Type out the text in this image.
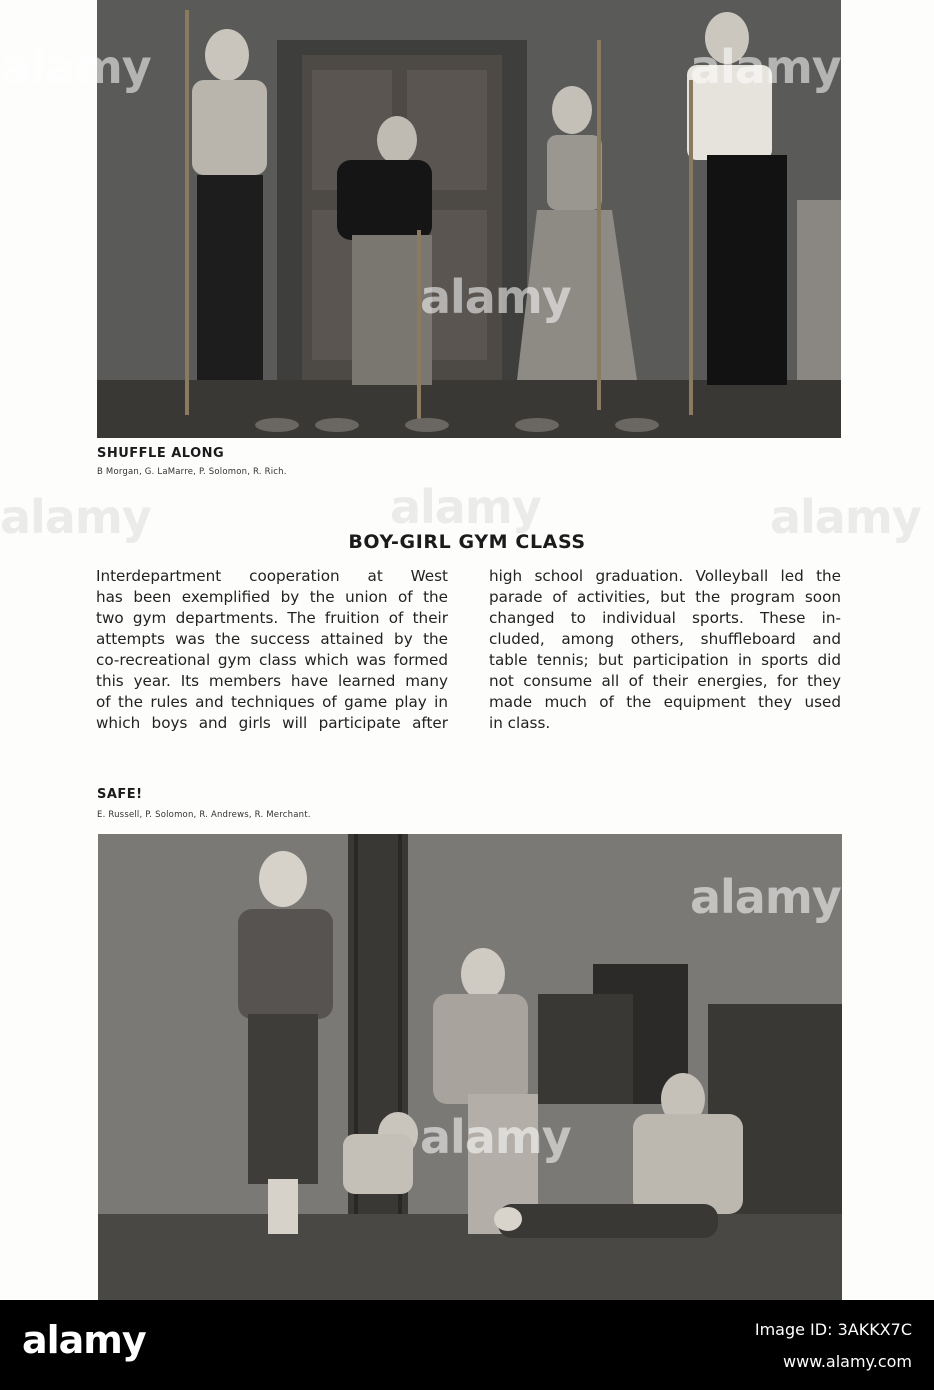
SHUFFLE ALONG
B Morgan, G. LaMarre, P. Solomon, R. Rich.
BOY-GIRL GYM CLASS

Interdepartment cooperation at West

has been exemplified by the union of the

two gym departments. The fruition of their

attempts was the success attained by the

co-recreational gym class which was formed

this year. Its members have learned many

of the rules and techniques of game play in

which boys and girls will participate after

high school graduation. Volleyball led the

parade of activities, but the program soon

changed to individual sports. These in-

cluded, among others, shuffleboard and

table tennis; but participation in sports did

not consume all of their energies, for they

made much of the equipment they used

in class.

SAFE!
E. Russell, P. Solomon, R. Andrews, R. Merchant.
alamy	alamy
alamy
alamy	alamy	alamy
alamy
alamy
alamy	Image ID: 3AKKX7C
www.alamy.com
